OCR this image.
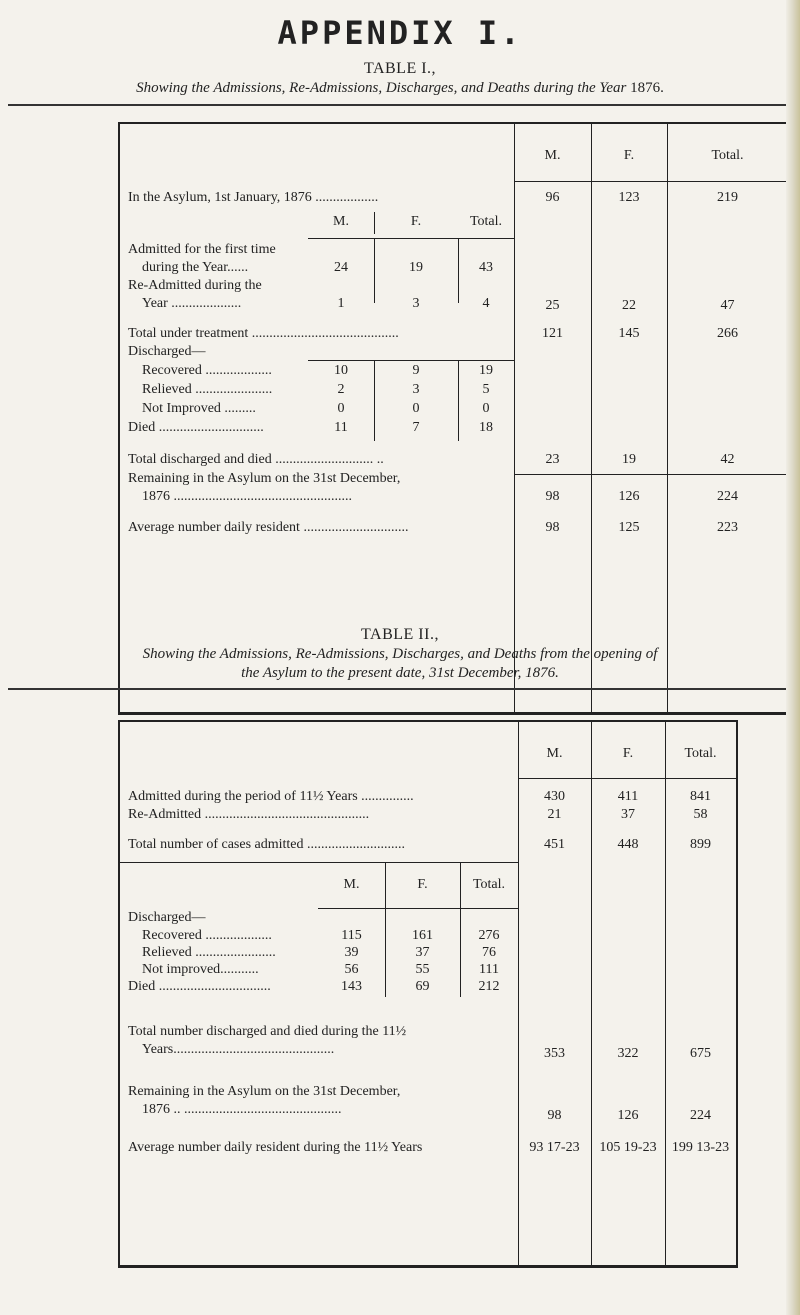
APPENDIX I.
TABLE I.,
Showing the Admissions, Re-Admissions, Discharges, and Deaths during the Year 1876.
M.	F.	Total.
In the Asylum, 1st January, 1876 ..................	96	123	219
M.	F.	Total.
Admitted for the first time
during the Year......	24	19	43
Re-Admitted during the
Year ....................	1	3	4	25	22	47
Total under treatment ..........................................	121	145	266
Discharged—
Recovered ...................	10	9	19
Relieved ......................	2	3	5
Not Improved .........	0	0	0
Died ..............................	11	7	18
Total discharged and died ............................ ..	23	19	42
Remaining in the Asylum on the 31st December,
1876 ...................................................	98	126	224
Average number daily resident ..............................	98	125	223
TABLE II.,
Showing the Admissions, Re-Admissions, Discharges, and Deaths from the opening of
the Asylum to the present date, 31st December, 1876.
M.	F.	Total.
Admitted during the period of 11½ Years ...............	430	411	841
Re-Admitted ...............................................	21	37	58
Total number of cases admitted ............................	451	448	899
M.	F.	Total.
Discharged—
Recovered ...................	115	161	276
Relieved .......................	39	37	76
Not improved...........	56	55	111
Died ................................	143	69	212
Total number discharged and died during the 11½
Years..............................................	353	322	675
Remaining in the Asylum on the 31st December,
1876 .. .............................................	98	126	224
Average number daily resident during the 11½ Years	93 17-23	105 19-23	199 13-23
